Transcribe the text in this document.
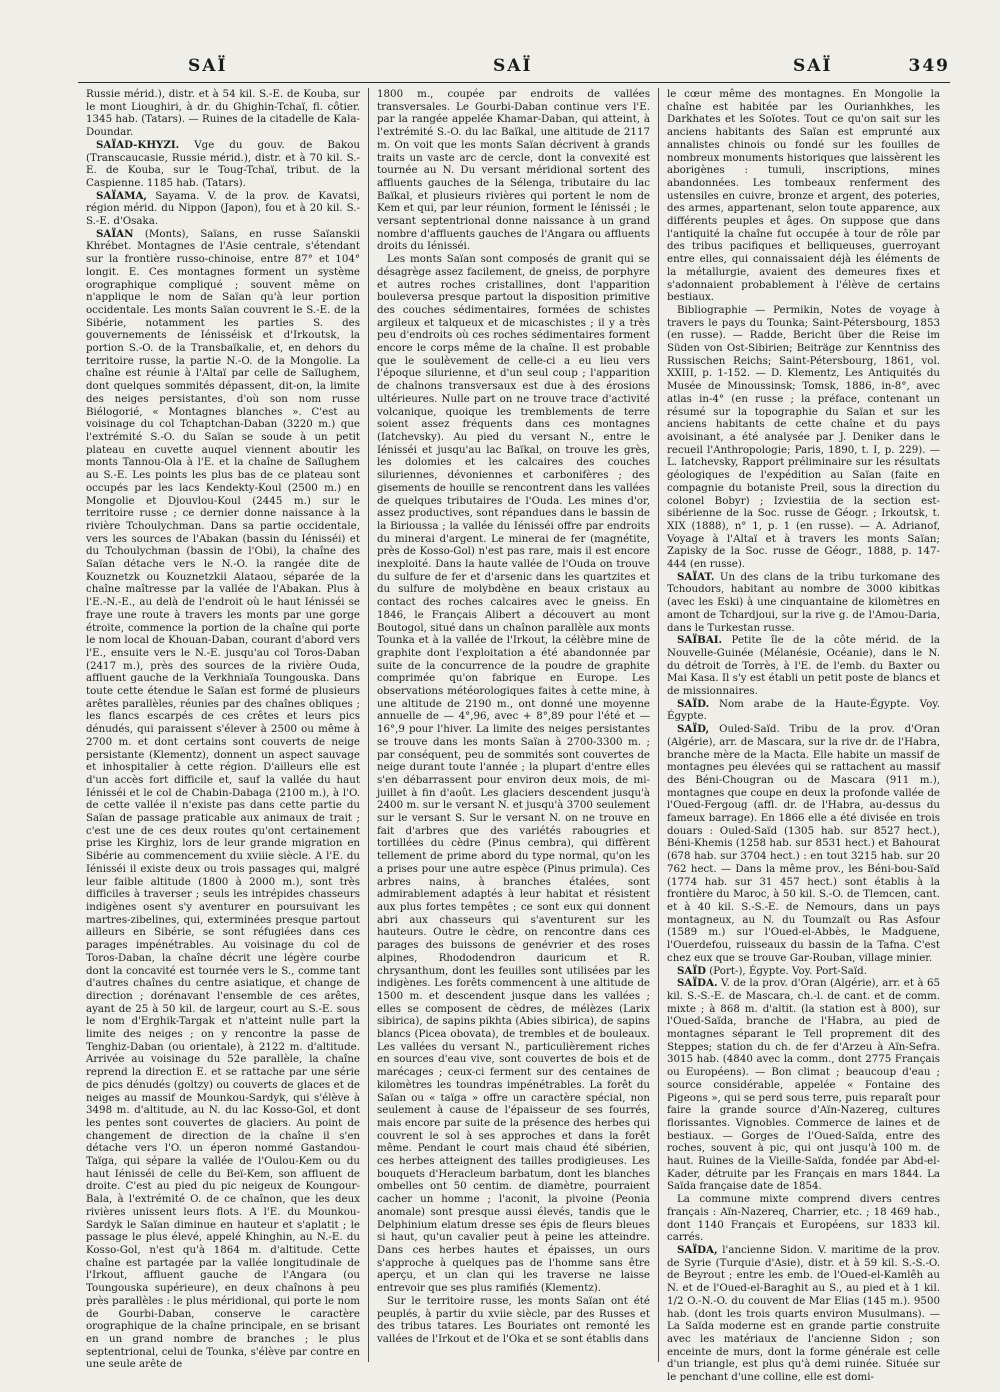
SAÏ	SAÏ	SAÏ	349

Russie mérid.), distr. et à 54 kil. S.-E. de Kouba, sur le mont Lioughiri, à dr. du Ghighin-Tchaï, fl. côtier. 1345 hab. (Tatars). — Ruines de la citadelle de Kala-Doundar.

SAÏAD-KHYZI. Vge du gouv. de Bakou (Transcaucasie, Russie mérid.), distr. et à 70 kil. S.-E. de Kouba, sur le Toug-Tchaï, tribut. de la Caspienne. 1185 hab. (Tatars).

SAÏAMA, Sayama. V. de la prov. de Kavatsi, région mérid. du Nippon (Japon), fou et à 20 kil. S.-S.-E. d'Osaka.

SAÏAN (Monts), Saïans, en russe Saïanskii Khrébet. Montagnes de l'Asie centrale, s'étendant sur la frontière russo-chinoise, entre 87° et 104° longit. E. Ces montagnes forment un système orographique compliqué ; souvent même on n'applique le nom de Saïan qu'à leur portion occidentale. Les monts Saïan couvrent le S.-E. de la Sibérie, notamment les parties S. des gouvernements de Iénisséisk et d'Irkoutsk, la portion S.-O. de la Transbaïkalie, et, en dehors du territoire russe, la partie N.-O. de la Mongolie. La chaîne est réunie à l'Altaï par celle de Saïlughem, dont quelques sommités dépassent, dit-on, la limite des neiges persistantes, d'où son nom russe Biélogorié, « Montagnes blanches ». C'est au voisinage du col Tchaptchan-Daban (3220 m.) que l'extrémité S.-O. du Saïan se soude à un petit plateau en cuvette auquel viennent aboutir les monts Tannou-Ola à l'E. et la chaîne de Saïlughem au S.-E. Les points les plus bas de ce plateau sont occupés par les lacs Kendekty-Koul (2500 m.) en Mongolie et Djouvlou-Koul (2445 m.) sur le territoire russe ; ce dernier donne naissance à la rivière Tchoulychman. Dans sa partie occidentale, vers les sources de l'Abakan (bassin du Iénisséi) et du Tchoulychman (bassin de l'Obi), la chaîne des Saïan détache vers le N.-O. la rangée dite de Kouznetzk ou Kouznetzkii Alataou, séparée de la chaîne maîtresse par la vallée de l'Abakan. Plus à l'E.-N.-E., au delà de l'endroit où le haut Iénisséi se fraye une route à travers les monts par une gorge étroite, commence la portion de la chaîne qui porte le nom local de Khouan-Daban, courant d'abord vers l'E., ensuite vers le N.-E. jusqu'au col Toros-Daban (2417 m.), près des sources de la rivière Ouda, affluent gauche de la Verkhniaïa Toungouska. Dans toute cette étendue le Saïan est formé de plusieurs arêtes parallèles, réunies par des chaînes obliques ; les flancs escarpés de ces crêtes et leurs pics dénudés, qui paraissent s'élever à 2500 ou même à 2700 m. et dont certains sont couverts de neige persistante (Klementz), donnent un aspect sauvage et inhospitalier à cette région. D'ailleurs elle est d'un accès fort difficile et, sauf la vallée du haut Iénisséi et le col de Chabin-Dabaga (2100 m.), à l'O. de cette vallée il n'existe pas dans cette partie du Saïan de passage praticable aux animaux de trait ; c'est une de ces deux routes qu'ont certainement prise les Kirghiz, lors de leur grande migration en Sibérie au commencement du xviiie siècle. A l'E. du Iénisséi il existe deux ou trois passages qui, malgré leur faible altitude (1800 à 2000 m.), sont très difficiles à traverser ; seuls les intrépides chasseurs indigènes osent s'y aventurer en poursuivant les martres-zibelines, qui, exterminées presque partout ailleurs en Sibérie, se sont réfugiées dans ces parages impénétrables. Au voisinage du col de Toros-Daban, la chaîne décrit une légère courbe dont la concavité est tournée vers le S., comme tant d'autres chaînes du centre asiatique, et change de direction ; dorénavant l'ensemble de ces arêtes, ayant de 25 à 50 kil. de largeur, court au S.-E. sous le nom d'Erghik-Targak et n'atteint nulle part la limite des neiges ; on y rencontre la passe de Tenghiz-Daban (ou orientale), à 2122 m. d'altitude. Arrivée au voisinage du 52e parallèle, la chaîne reprend la direction E. et se rattache par une série de pics dénudés (goltzy) ou couverts de glaces et de neiges au massif de Mounkou-Sardyk, qui s'élève à 3498 m. d'altitude, au N. du lac Kosso-Gol, et dont les pentes sont couvertes de glaciers. Au point de changement de direction de la chaîne il s'en détache vers l'O. un éperon nommé Gastandou-Taïga, qui sépare la vallée de l'Oulou-Kem ou du haut Iénisséi de celle du Beï-Kem, son affluent de droite. C'est au pied du pic neigeux de Koungour-Bala, à l'extrémité O. de ce chaînon, que les deux rivières unissent leurs flots. A l'E. du Mounkou-Sardyk le Saïan diminue en hauteur et s'aplatit ; le passage le plus élevé, appelé Khinghin, au N.-E. du Kosso-Gol, n'est qu'à 1864 m. d'altitude. Cette chaîne est partagée par la vallée longitudinale de l'Irkout, affluent gauche de l'Angara (ou Toungouska supérieure), en deux chaînons à peu près parallèles : le plus méridional, qui porte le nom de Gourbi-Daban, conserve le caractère orographique de la chaîne principale, en se brisant en un grand nombre de branches ; le plus septentrional, celui de Tounka, s'élève par contre en une seule arête de

1800 m., coupée par endroits de vallées transversales. Le Gourbi-Daban continue vers l'E. par la rangée appelée Khamar-Daban, qui atteint, à l'extrémité S.-O. du lac Baïkal, une altitude de 2117 m. On voit que les monts Saïan décrivent à grands traits un vaste arc de cercle, dont la convexité est tournée au N. Du versant méridional sortent des affluents gauches de la Sélenga, tributaire du lac Baïkal, et plusieurs rivières qui portent le nom de Kem et qui, par leur réunion, forment le Iénisséi ; le versant septentrional donne naissance à un grand nombre d'affluents gauches de l'Angara ou affluents droits du Iénisséi.

Les monts Saïan sont composés de granit qui se désagrège assez facilement, de gneiss, de porphyre et autres roches cristallines, dont l'apparition bouleversa presque partout la disposition primitive des couches sédimentaires, formées de schistes argileux et talqueux et de micaschistes ; il y a très peu d'endroits où ces roches sédimentaires forment encore le corps même de la chaîne. Il est probable que le soulèvement de celle-ci a eu lieu vers l'époque silurienne, et d'un seul coup ; l'apparition de chaînons transversaux est due à des érosions ultérieures. Nulle part on ne trouve trace d'activité volcanique, quoique les tremblements de terre soient assez fréquents dans ces montagnes (Iatchevsky). Au pied du versant N., entre le Iénisséi et jusqu'au lac Baïkal, on trouve les grès, les dolomies et les calcaires des couches siluriennes, dévoniennes et carbonifères ; des gisements de houille se rencontrent dans les vallées de quelques tributaires de l'Ouda. Les mines d'or, assez productives, sont répandues dans le bassin de la Birioussa ; la vallée du Iénisséi offre par endroits du minerai d'argent. Le minerai de fer (magnétite, près de Kosso-Gol) n'est pas rare, mais il est encore inexploité. Dans la haute vallée de l'Ouda on trouve du sulfure de fer et d'arsenic dans les quartzites et du sulfure de molybdène en beaux cristaux au contact des roches calcaires avec le gneiss. En 1846, le Français Alibert a découvert au mont Boutogol, situé dans un chaînon parallèle aux monts Tounka et à la vallée de l'Irkout, la célèbre mine de graphite dont l'exploitation a été abandonnée par suite de la concurrence de la poudre de graphite comprimée qu'on fabrique en Europe. Les observations météorologiques faites à cette mine, à une altitude de 2190 m., ont donné une moyenne annuelle de — 4°,96, avec + 8°,89 pour l'été et — 16°,9 pour l'hiver. La limite des neiges persistantes se trouve dans les monts Saïan à 2700-3300 m. ; par conséquent, peu de sommités sont couvertes de neige durant toute l'année ; la plupart d'entre elles s'en débarrassent pour environ deux mois, de mi-juillet à fin d'août. Les glaciers descendent jusqu'à 2400 m. sur le versant N. et jusqu'à 3700 seulement sur le versant S. Sur le versant N. on ne trouve en fait d'arbres que des variétés rabougries et tortillées du cèdre (Pinus cembra), qui diffèrent tellement de prime abord du type normal, qu'on les a prises pour une autre espèce (Pinus primula). Ces arbres nains, à branches étalées, sont admirablement adaptés à leur habitat et résistent aux plus fortes tempêtes ; ce sont eux qui donnent abri aux chasseurs qui s'aventurent sur les hauteurs. Outre le cèdre, on rencontre dans ces parages des buissons de genévrier et des roses alpines, Rhododendron dauricum et R. chrysanthum, dont les feuilles sont utilisées par les indigènes. Les forêts commencent à une altitude de 1500 m. et descendent jusque dans les vallées ; elles se composent de cèdres, de mélèzes (Larix sibirica), de sapins pikhta (Abies sibirica), de sapins blancs (Picea obovata), de trembles et de bouleaux. Les vallées du versant N., particulièrement riches en sources d'eau vive, sont couvertes de bois et de marécages ; ceux-ci ferment sur des centaines de kilomètres les toundras impénétrables. La forêt du Saïan ou « taïga » offre un caractère spécial, non seulement à cause de l'épaisseur de ses fourrés, mais encore par suite de la présence des herbes qui couvrent le sol à ses approches et dans la forêt même. Pendant le court mais chaud été sibérien, ces herbes atteignent des tailles prodigieuses. Les bouquets d'Heracleum barbatum, dont les blanches ombelles ont 50 centim. de diamètre, pourraient cacher un homme ; l'aconit, la pivoine (Peonia anomale) sont presque aussi élevés, tandis que le Delphinium elatum dresse ses épis de fleurs bleues si haut, qu'un cavalier peut à peine les atteindre. Dans ces herbes hautes et épaisses, un ours s'approche à quelques pas de l'homme sans être aperçu, et un clan qui les traverse ne laisse entrevoir que ses plus ramifiés (Klementz).

Sur le territoire russe, les monts Saïan ont été peuplés, à partir du xviie siècle, par des Russes et des tribus tatares. Les Bouriates ont remonté les vallées de l'Irkout et de l'Oka et se sont établis dans

le cœur même des montagnes. En Mongolie la chaîne est habitée par les Ourianhkhes, les Darkhates et les Soïotes. Tout ce qu'on sait sur les anciens habitants des Saïan est emprunté aux annalistes chinois ou fondé sur les fouilles de nombreux monuments historiques que laissèrent les aborigènes : tumuli, inscriptions, mines abandonnées. Les tombeaux renferment des ustensiles en cuivre, bronze et argent, des poteries, des armes, appartenant, selon toute apparence, aux différents peuples et âges. On suppose que dans l'antiquité la chaîne fut occupée à tour de rôle par des tribus pacifiques et belliqueuses, guerroyant entre elles, qui connaissaient déjà les éléments de la métallurgie, avaient des demeures fixes et s'adonnaient probablement à l'élève de certains bestiaux.

Bibliographie — Permikin, Notes de voyage à travers le pays du Tounka; Saint-Pétersbourg, 1853 (en russe). — Radde, Bericht über die Reise im Süden von Ost-Sibirien; Beiträge zur Kenntniss des Russischen Reichs; Saint-Pétersbourg, 1861, vol. XXIII, p. 1-152. — D. Klementz, Les Antiquités du Musée de Minoussinsk; Tomsk, 1886, in-8°, avec atlas in-4° (en russe ; la préface, contenant un résumé sur la topographie du Saïan et sur les anciens habitants de cette chaîne et du pays avoisinant, a été analysée par J. Deniker dans le recueil l'Anthropologie; Paris, 1890, t. I, p. 229). — L. Iatchevsky, Rapport préliminaire sur les résultats géologiques de l'expédition au Saïan (faite en compagnie du botaniste Preil, sous la direction du colonel Bobyr) ; Izviestiia de la section est-sibérienne de la Soc. russe de Géogr. ; Irkoutsk, t. XIX (1888), n° 1, p. 1 (en russe). — A. Adrianof, Voyage à l'Altaï et à travers les monts Saïan; Zapisky de la Soc. russe de Géogr., 1888, p. 147-444 (en russe).

SAÏAT. Un des clans de la tribu turkomane des Tchoudors, habitant au nombre de 3000 kibitkas (avec les Eski) à une cinquantaine de kilomètres en amont de Tchardjoui, sur la rive g. de l'Amou-Daria, dans le Turkestan russe.

SAÏBAI. Petite île de la côte mérid. de la Nouvelle-Guinée (Mélanésie, Océanie), dans le N. du détroit de Torrès, à l'E. de l'emb. du Baxter ou Mai Kasa. Il s'y est établi un petit poste de blancs et de missionnaires.

SAÏD. Nom arabe de la Haute-Égypte. Voy. Égypte.

SAÏD, Ouled-Saïd. Tribu de la prov. d'Oran (Algérie), arr. de Mascara, sur la rive dr. de l'Habra, branche mère de la Macta. Elle habite un massif de montagnes peu élevées qui se rattachent au massif des Béni-Chougran ou de Mascara (911 m.), montagnes que coupe en deux la profonde vallée de l'Oued-Fergoug (affl. dr. de l'Habra, au-dessus du fameux barrage). En 1866 elle a été divisée en trois douars : Ouled-Saïd (1305 hab. sur 8527 hect.), Béni-Khemis (1258 hab. sur 8531 hect.) et Bahourat (678 hab. sur 3704 hect.) : en tout 3215 hab. sur 20 762 hect. — Dans la même prov., les Béni-bou-Saïd (1774 hab. sur 31 457 hect.) sont établis à la frontière du Maroc, à 50 kil. S.-O. de Tlemcen, cant. et à 40 kil. S.-S.-E. de Nemours, dans un pays montagneux, au N. du Toumzaït ou Ras Asfour (1589 m.) sur l'Oued-el-Abbès, le Madguene, l'Ouerdefou, ruisseaux du bassin de la Tafna. C'est chez eux que se trouve Gar-Rouban, village minier.

SAÏD (Port-), Égypte. Voy. Port-Saïd.

SAÏDA. V. de la prov. d'Oran (Algérie), arr. et à 65 kil. S.-S.-E. de Mascara, ch.-l. de cant. et de comm. mixte ; à 868 m. d'altit. (la station est à 800), sur l'Oued-Saïda, branche de l'Habra, au pied de montagnes séparant le Tell proprement dit des Steppes; station du ch. de fer d'Arzeu à Aïn-Sefra. 3015 hab. (4840 avec la comm., dont 2775 Français ou Européens). — Bon climat ; beaucoup d'eau ; source considérable, appelée « Fontaine des Pigeons », qui se perd sous terre, puis reparaît pour faire la grande source d'Aïn-Nazereg, cultures florissantes. Vignobles. Commerce de laines et de bestiaux. — Gorges de l'Oued-Saïda, entre des roches, souvent à pic, qui ont jusqu'à 100 m. de haut. Ruines de la Vieille-Saïda, fondée par Abd-el-Kader, détruite par les Français en mars 1844. La Saïda française date de 1854.

La commune mixte comprend divers centres français : Aïn-Nazereq, Charrier, etc. ; 18 469 hab., dont 1140 Français et Européens, sur 1833 kil. carrés.

SAÏDA, l'ancienne Sidon. V. maritime de la prov. de Syrie (Turquie d'Asie), distr. et à 59 kil. S.-S.-O. de Beyrout ; entre les emb. de l'Oued-el-Kamlêh au N. et de l'Oued-el-Baraghit au S., au pied et à 1 kil. 1/2 O.-N.-O. du couvent de Mar Elias (145 m.). 9500 hab. (dont les trois quarts environ Musulmans). — La Saïda moderne est en grande partie construite avec les matériaux de l'ancienne Sidon ; son enceinte de murs, dont la forme générale est celle d'un triangle, est plus qu'à demi ruinée. Située sur le penchant d'une colline, elle est domi-
